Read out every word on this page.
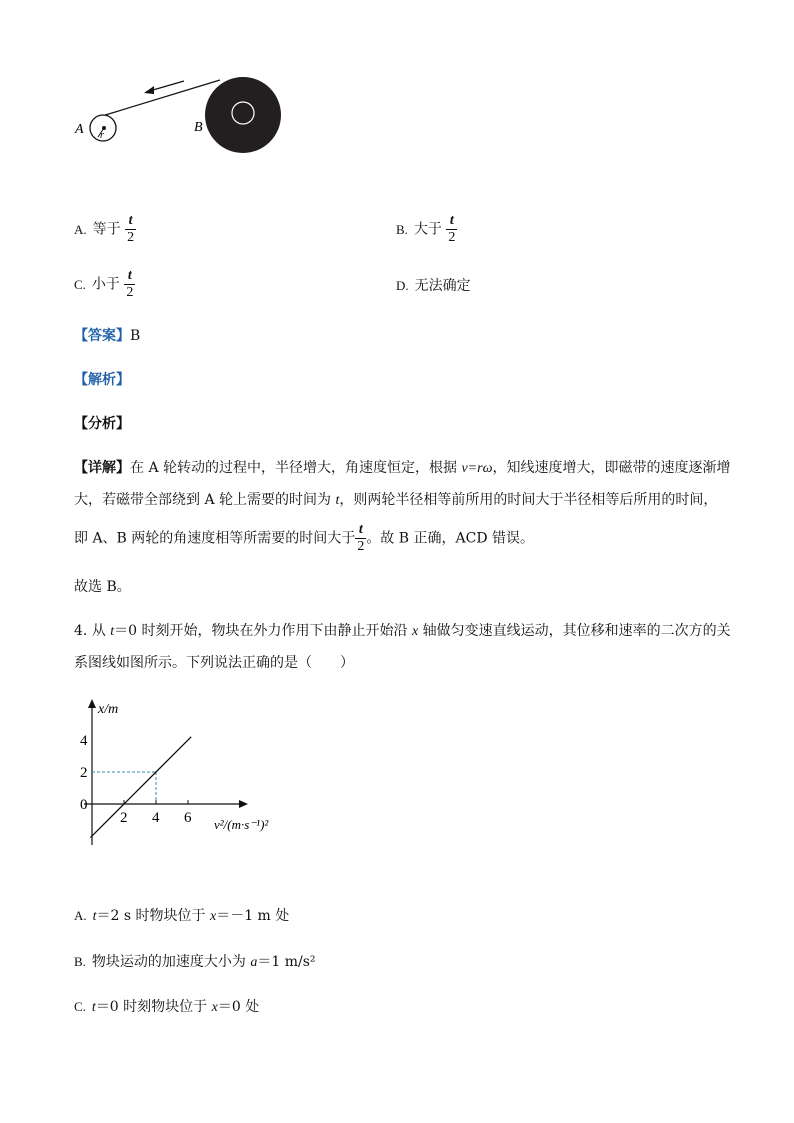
A r
B
A. 等于 $\frac{t}{2}$	B. 大于 $\frac{t}{2}$
C. 小于 $\frac{t}{2}$	D. 无法确定
【答案】B
【解析】
【分析】
【详解】在 A 轮转动的过程中，半径增大，角速度恒定，根据 v=rω，知线速度增大，即磁带的速度逐渐增
大，若磁带全部绕到 A 轮上需要的时间为 t，则两轮半径相等前所用的时间大于半径相等后所用的时间，
即 A、B 两轮的角速度相等所需要的时间大于 $\frac{t}{2}$ 。故 B 正确，ACD 错误。
故选 B。
4. 从 t＝0 时刻开始，物块在外力作用下由静止开始沿 x 轴做匀变速直线运动，其位移和速率的二次方的关
系图线如图所示。下列说法正确的是（　　）
x/m
v²/(m·s⁻¹)²
0
2
4
2 4 6
A. t＝2 s 时物块位于 x＝－1 m 处
B. 物块运动的加速度大小为 a＝1 m/s²
C. t＝0 时刻物块位于 x＝0 处
